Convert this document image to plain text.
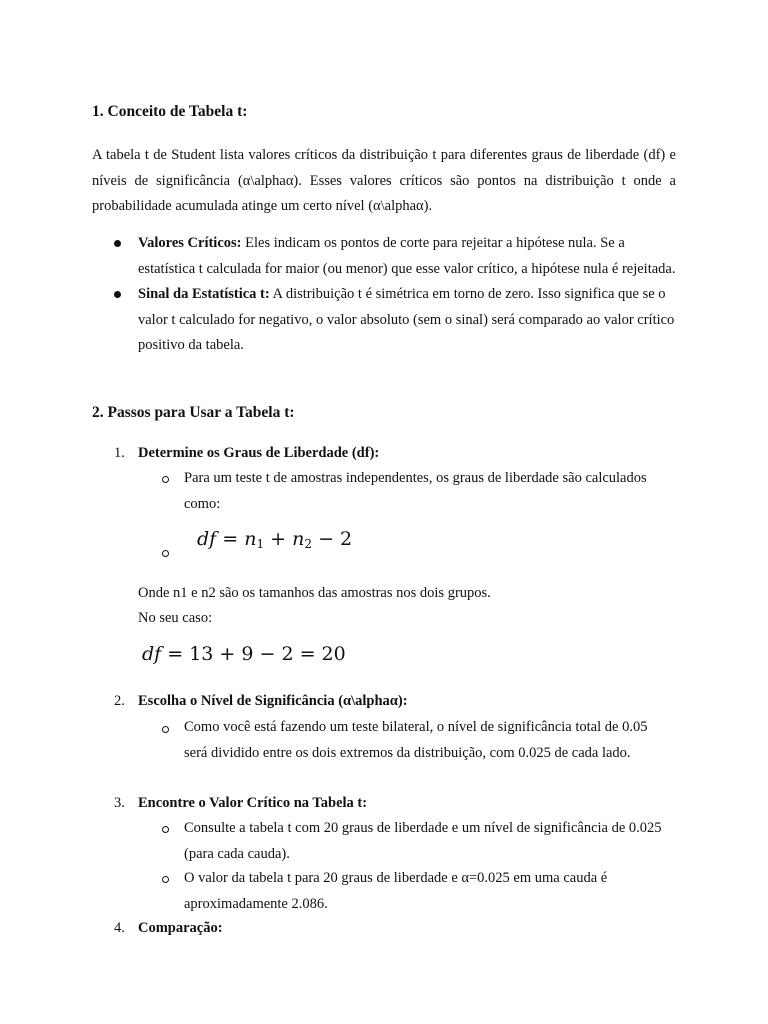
1. Conceito de Tabela t:

A tabela t de Student lista valores críticos da distribuição t para diferentes graus de liberdade (df) e níveis de significância (α\alphaα). Esses valores críticos são pontos na distribuição t onde a probabilidade acumulada atinge um certo nível (α\alphaα).

Valores Críticos: Eles indicam os pontos de corte para rejeitar a hipótese nula. Se a estatística t calculada for maior (ou menor) que esse valor crítico, a hipótese nula é rejeitada.
Sinal da Estatística t: A distribuição t é simétrica em torno de zero. Isso significa que se o valor t calculado for negativo, o valor absoluto (sem o sinal) será comparado ao valor crítico positivo da tabela.
2. Passos para Usar a Tabela t:
1. Determine os Graus de Liberdade (df):
Para um teste t de amostras independentes, os graus de liberdade são calculados como:
df = $n_1 + n_2 - 2$
Onde n1 e n2 são os tamanhos das amostras nos dois grupos.
No seu caso:
df = 13 + 9 − 2 = 20
2. Escolha o Nível de Significância (α\alphaα):
Como você está fazendo um teste bilateral, o nível de significância total de 0.05 será dividido entre os dois extremos da distribuição, com 0.025 de cada lado.
3. Encontre o Valor Crítico na Tabela t:
Consulte a tabela t com 20 graus de liberdade e um nível de significância de 0.025 (para cada cauda).
O valor da tabela t para 20 graus de liberdade e α=0.025 em uma cauda é aproximadamente 2.086.
4. Comparação:
